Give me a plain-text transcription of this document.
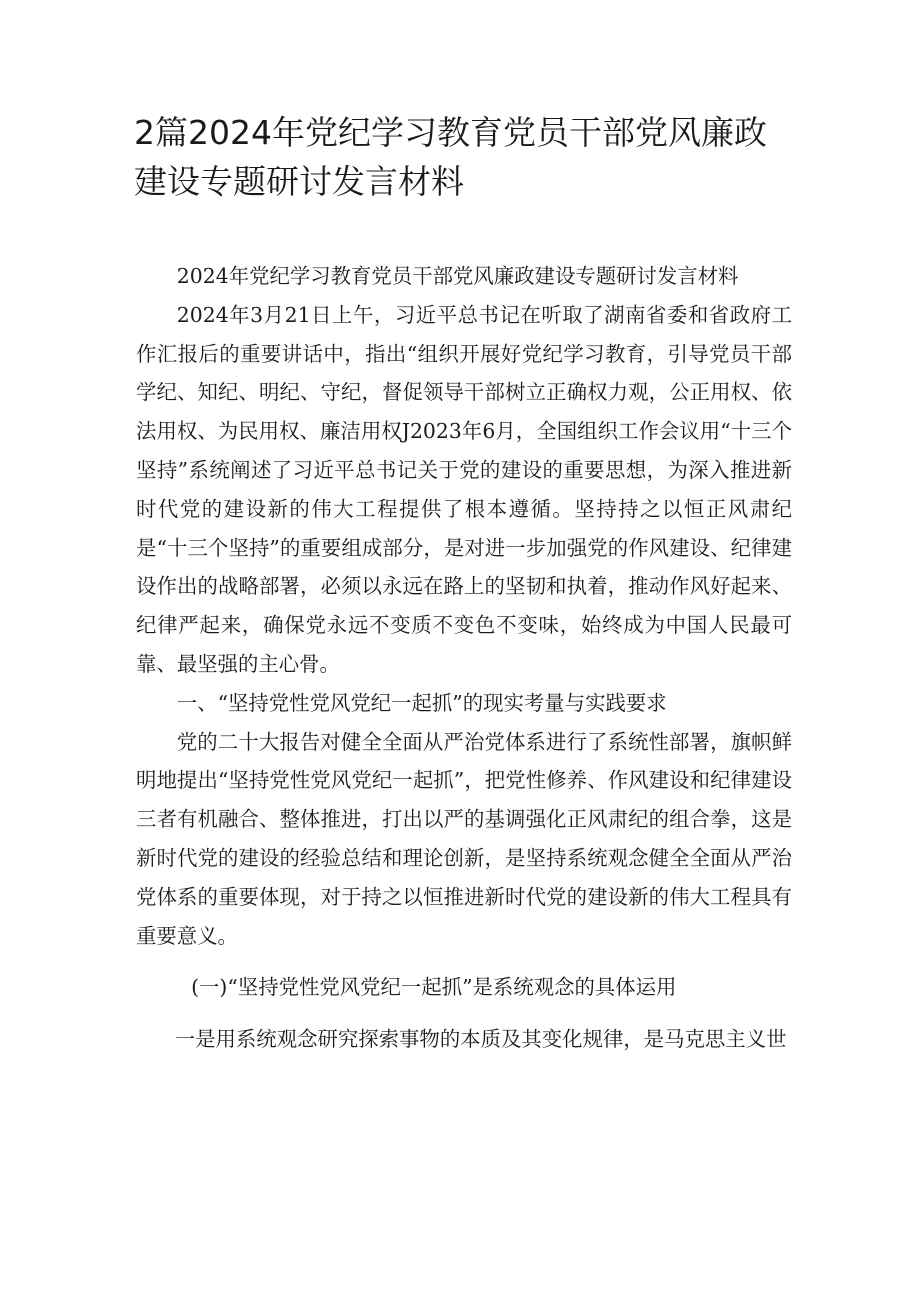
2篇2024年党纪学习教育党员干部党风廉政
建设专题研讨发言材料

2024年党纪学习教育党员干部党风廉政建设专题研讨发言材料

2024年3月21日上午，习近平总书记在听取了湖南省委和省政府工作汇报后的重要讲话中，指出“组织开展好党纪学习教育，引导党员干部学纪、知纪、明纪、守纪，督促领导干部树立正确权力观，公正用权、依法用权、为民用权、廉洁用权J2023年6月，全国组织工作会议用“十三个坚持”系统阐述了习近平总书记关于党的建设的重要思想，为深入推进新时代党的建设新的伟大工程提供了根本遵循。坚持持之以恒正风肃纪是“十三个坚持”的重要组成部分，是对进一步加强党的作风建设、纪律建设作出的战略部署，必须以永远在路上的坚韧和执着，推动作风好起来、纪律严起来，确保党永远不变质不变色不变味，始终成为中国人民最可靠、最坚强的主心骨。

一、“坚持党性党风党纪一起抓”的现实考量与实践要求

党的二十大报告对健全全面从严治党体系进行了系统性部署，旗帜鲜明地提出“坚持党性党风党纪一起抓”，把党性修养、作风建设和纪律建设三者有机融合、整体推进，打出以严的基调强化正风肃纪的组合拳，这是新时代党的建设的经验总结和理论创新，是坚持系统观念健全全面从严治党体系的重要体现，对于持之以恒推进新时代党的建设新的伟大工程具有重要意义。

(一)“坚持党性党风党纪一起抓”是系统观念的具体运用

一是用系统观念研究探索事物的本质及其变化规律，是马克思主义世
